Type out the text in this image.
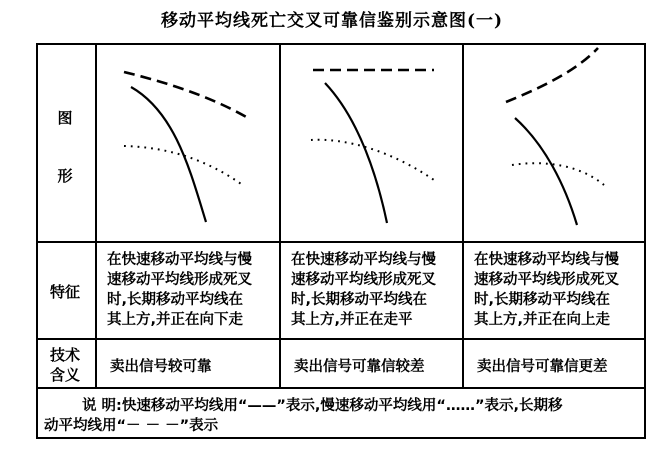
移动平均线死亡交叉可靠信鉴别示意图(一)
图
形
特征
技术
含义
在快速移动平均线与慢
速移动平均线形成死叉
时,长期移动平均线在
其上方,并正在向下走
在快速移动平均线与慢
速移动平均线形成死叉
时,长期移动平均线在
其上方,并正在走平
在快速移动平均线与慢
速移动平均线形成死叉
时,长期移动平均线在
其上方,并正在向上走
卖出信号较可靠	卖出信号可靠信较差	卖出信号可靠信更差
说 明:快速移动平均线用“——”表示,慢速移动平均线用“……”表示,长期移
动平均线用“－ － －”表示
